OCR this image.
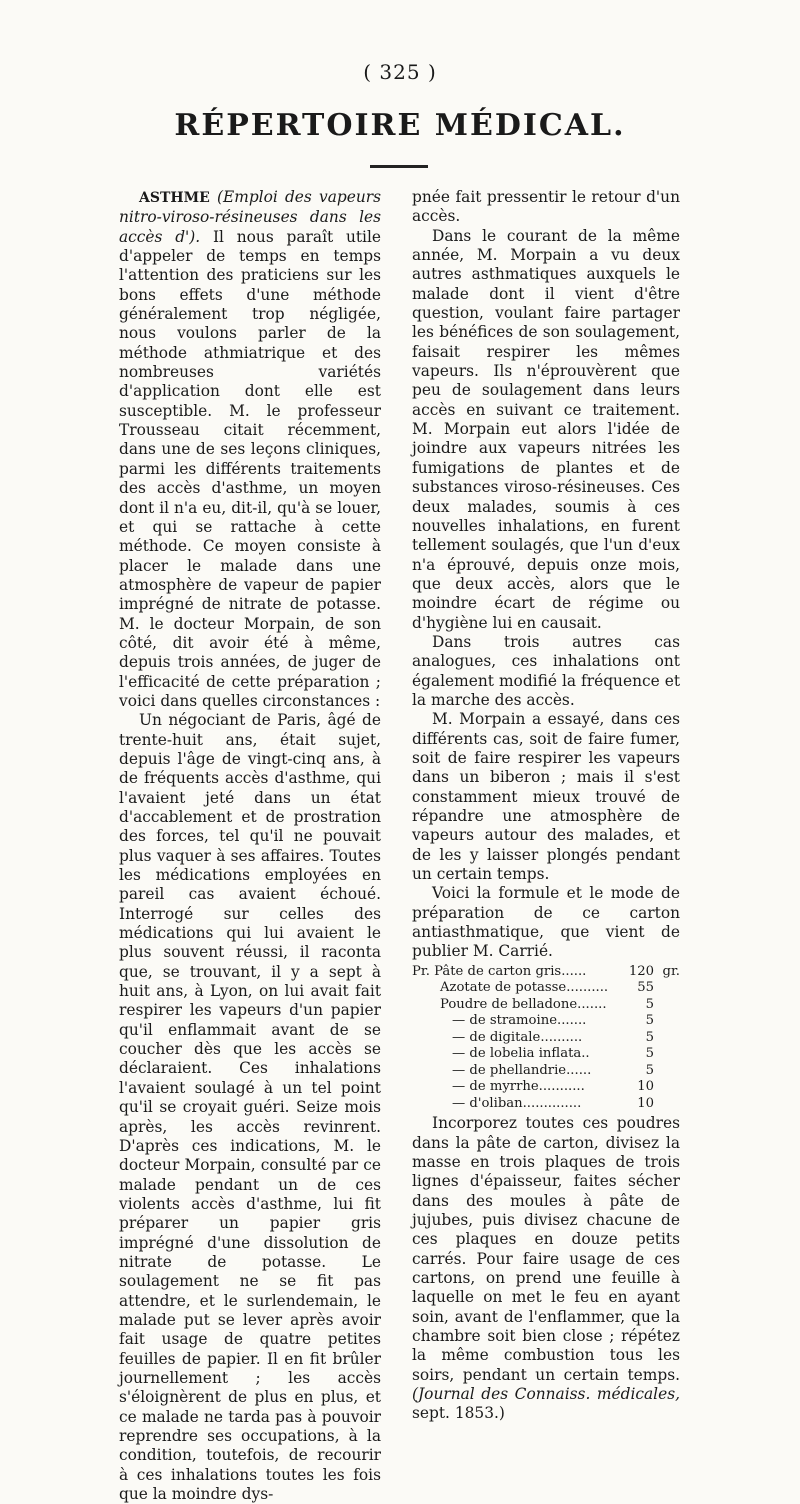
( 325 )
RÉPERTOIRE MÉDICAL.

ASTHME (Emploi des vapeurs nitro-viroso-résineuses dans les accès d'). Il nous paraît utile d'appeler de temps en temps l'attention des praticiens sur les bons effets d'une méthode généralement trop négligée, nous voulons parler de la méthode athmiatrique et des nombreuses variétés d'application dont elle est susceptible. M. le professeur Trousseau citait récemment, dans une de ses leçons cliniques, parmi les différents traitements des accès d'asthme, un moyen dont il n'a eu, dit-il, qu'à se louer, et qui se rattache à cette méthode. Ce moyen consiste à placer le malade dans une atmosphère de vapeur de papier imprégné de nitrate de potasse. M. le docteur Morpain, de son côté, dit avoir été à même, depuis trois années, de juger de l'efficacité de cette préparation ; voici dans quelles circonstances :

Un négociant de Paris, âgé de trente-huit ans, était sujet, depuis l'âge de vingt-cinq ans, à de fréquents accès d'asthme, qui l'avaient jeté dans un état d'accablement et de prostration des forces, tel qu'il ne pouvait plus vaquer à ses affaires. Toutes les médications employées en pareil cas avaient échoué. Interrogé sur celles des médications qui lui avaient le plus souvent réussi, il raconta que, se trouvant, il y a sept à huit ans, à Lyon, on lui avait fait respirer les vapeurs d'un papier qu'il enflammait avant de se coucher dès que les accès se déclaraient. Ces inhalations l'avaient soulagé à un tel point qu'il se croyait guéri. Seize mois après, les accès revinrent. D'après ces indications, M. le docteur Morpain, consulté par ce malade pendant un de ces violents accès d'asthme, lui fit préparer un papier gris imprégné d'une dissolution de nitrate de potasse. Le soulagement ne se fit pas attendre, et le surlendemain, le malade put se lever après avoir fait usage de quatre petites feuilles de papier. Il en fit brûler journellement ; les accès s'éloignèrent de plus en plus, et ce malade ne tarda pas à pouvoir reprendre ses occupations, à la condition, toutefois, de recourir à ces inhalations toutes les fois que la moindre dys-

pnée fait pressentir le retour d'un accès.

Dans le courant de la même année, M. Morpain a vu deux autres asthmatiques auxquels le malade dont il vient d'être question, voulant faire partager les bénéfices de son soulagement, faisait respirer les mêmes vapeurs. Ils n'éprouvèrent que peu de soulagement dans leurs accès en suivant ce traitement. M. Morpain eut alors l'idée de joindre aux vapeurs nitrées les fumigations de plantes et de substances viroso-résineuses. Ces deux malades, soumis à ces nouvelles inhalations, en furent tellement soulagés, que l'un d'eux n'a éprouvé, depuis onze mois, que deux accès, alors que le moindre écart de régime ou d'hygiène lui en causait.

Dans trois autres cas analogues, ces inhalations ont également modifié la fréquence et la marche des accès.

M. Morpain a essayé, dans ces différents cas, soit de faire fumer, soit de faire respirer les vapeurs dans un biberon ; mais il s'est constamment mieux trouvé de répandre une atmosphère de vapeurs autour des malades, et de les y laisser plongés pendant un certain temps.

Voici la formule et le mode de préparation de ce carton antiasthmatique, que vient de publier M. Carrié.

Pr. Pâte de carton gris......	120 gr.
Azotate de potasse..........	55
Poudre de belladone.......	5
— de stramoine.......	5
— de digitale..........	5
— de lobelia inflata..	5
— de phellandrie......	5
— de myrrhe...........	10
— d'oliban..............	10

Incorporez toutes ces poudres dans la pâte de carton, divisez la masse en trois plaques de trois lignes d'épaisseur, faites sécher dans des moules à pâte de jujubes, puis divisez chacune de ces plaques en douze petits carrés. Pour faire usage de ces cartons, on prend une feuille à laquelle on met le feu en ayant soin, avant de l'enflammer, que la chambre soit bien close ; répétez la même combustion tous les soirs, pendant un certain temps. (Journal des Connaiss. médicales, sept. 1853.)
